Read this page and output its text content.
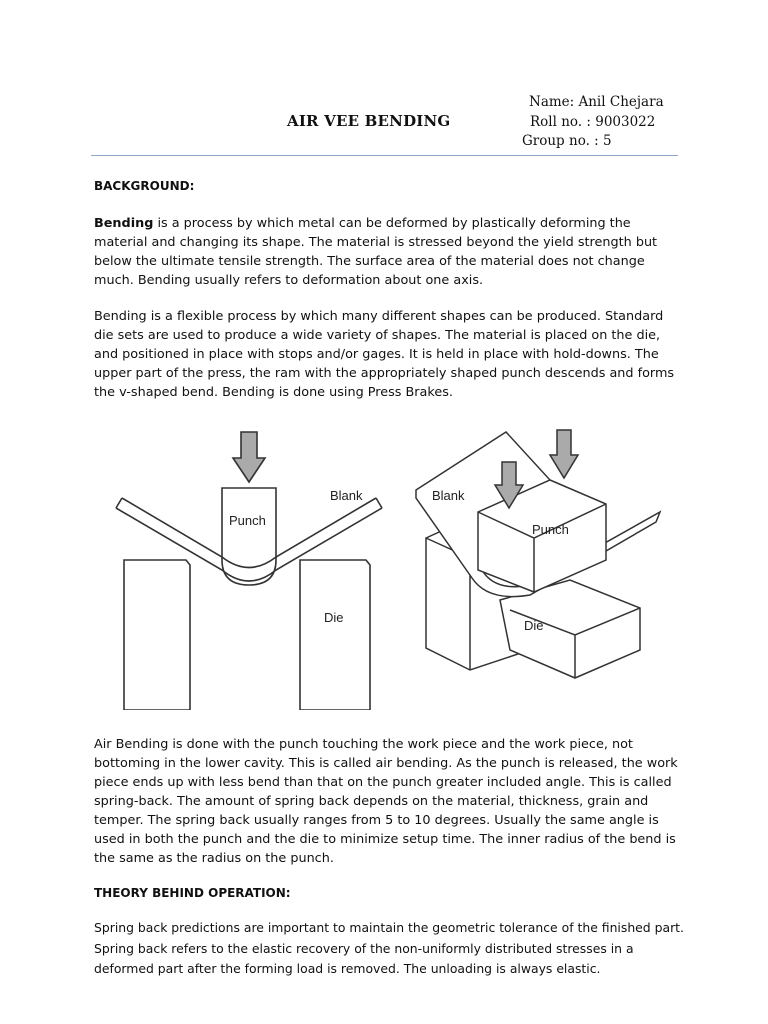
AIR VEE BENDING
Name: Anil Chejara
Roll no. : 9003022
Group no. : 5

BACKGROUND:

Bending is a process by which metal can be deformed by plastically deforming the material and changing its shape. The material is stressed beyond the yield strength but below the ultimate tensile strength. The surface area of the material does not change much. Bending usually refers to deformation about one axis.

Bending is a flexible process by which many different shapes can be produced. Standard die sets are used to produce a wide variety of shapes. The material is placed on the die, and positioned in place with stops and/or gages. It is held in place with hold-downs. The upper part of the press, the ram with the appropriately shaped punch descends and forms the v-shaped bend. Bending is done using Press Brakes.

Punch
Blank
Die
Blank
Punch
Die

Air Bending is done with the punch touching the work piece and the work piece, not bottoming in the lower cavity. This is called air bending. As the punch is released, the work piece ends up with less bend than that on the punch greater included angle. This is called spring-back. The amount of spring back depends on the material, thickness, grain and temper. The spring back usually ranges from 5 to 10 degrees. Usually the same angle is used in both the punch and the die to minimize setup time. The inner radius of the bend is the same as the radius on the punch.

THEORY BEHIND OPERATION:

Spring back predictions are important to maintain the geometric tolerance of the finished part. Spring back refers to the elastic recovery of the non-uniformly distributed stresses in a deformed part after the forming load is removed. The unloading is always elastic.
